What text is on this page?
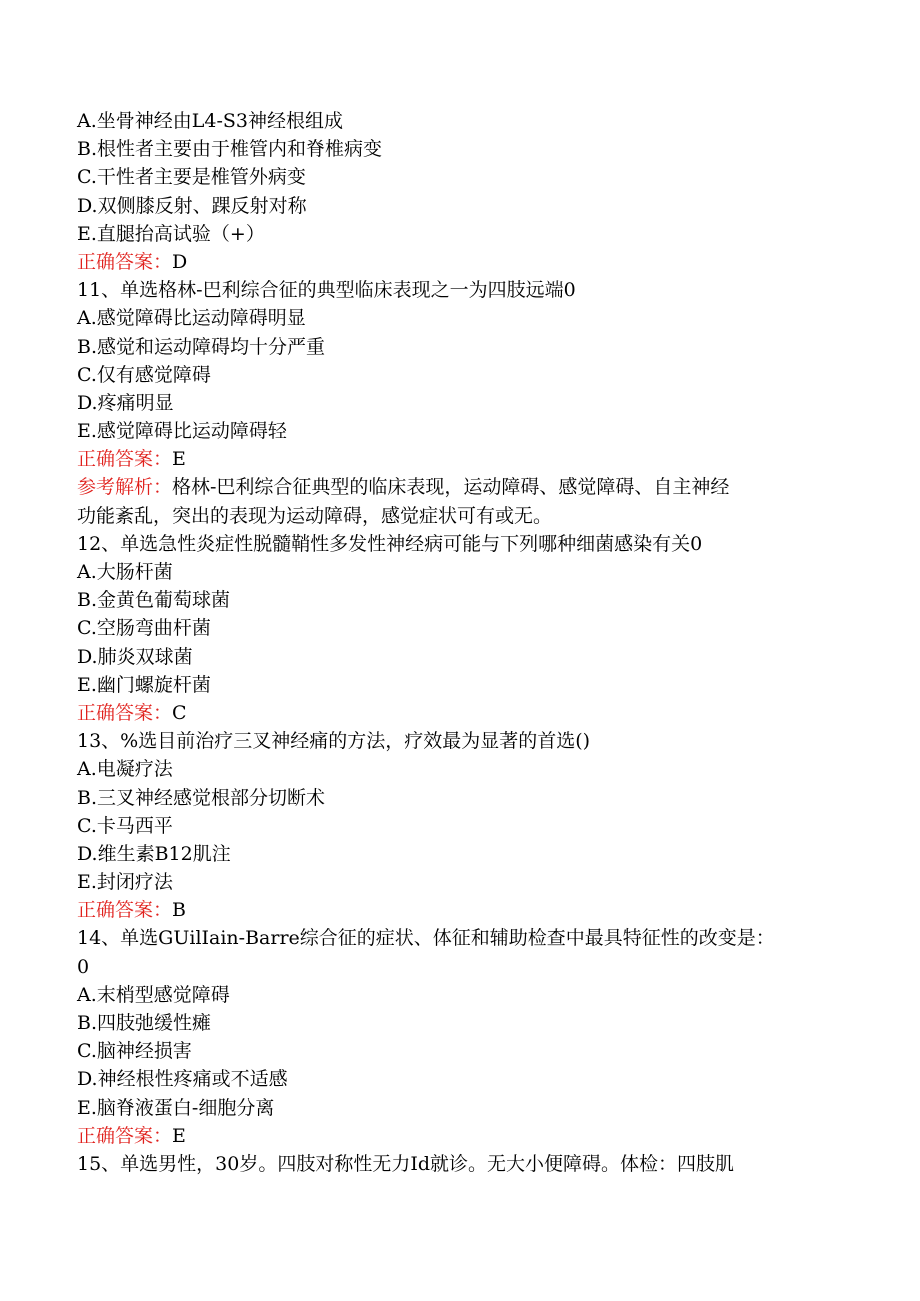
A.坐骨神经由L4-S3神经根组成
B.根性者主要由于椎管内和脊椎病变
C.干性者主要是椎管外病变
D.双侧膝反射、踝反射对称
E.直腿抬高试验（+）
正确答案：D
11、单选格林-巴利综合征的典型临床表现之一为四肢远端0
A.感觉障碍比运动障碍明显
B.感觉和运动障碍均十分严重
C.仅有感觉障碍
D.疼痛明显
E.感觉障碍比运动障碍轻
正确答案：E
参考解析：格林-巴利综合征典型的临床表现，运动障碍、感觉障碍、自主神经
功能紊乱，突出的表现为运动障碍，感觉症状可有或无。
12、单选急性炎症性脱髓鞘性多发性神经病可能与下列哪种细菌感染有关0
A.大肠杆菌
B.金黄色葡萄球菌
C.空肠弯曲杆菌
D.肺炎双球菌
E.幽门螺旋杆菌
正确答案：C
13、%选目前治疗三叉神经痛的方法，疗效最为显著的首选()
A.电凝疗法
B.三叉神经感觉根部分切断术
C.卡马西平
D.维生素B12肌注
E.封闭疗法
正确答案：B
14、单选GUilIain-Barre综合征的症状、体征和辅助检查中最具特征性的改变是：
0
A.末梢型感觉障碍
B.四肢弛缓性瘫
C.脑神经损害
D.神经根性疼痛或不适感
E.脑脊液蛋白-细胞分离
正确答案：E
15、单选男性，30岁。四肢对称性无力Id就诊。无大小便障碍。体检：四肢肌
